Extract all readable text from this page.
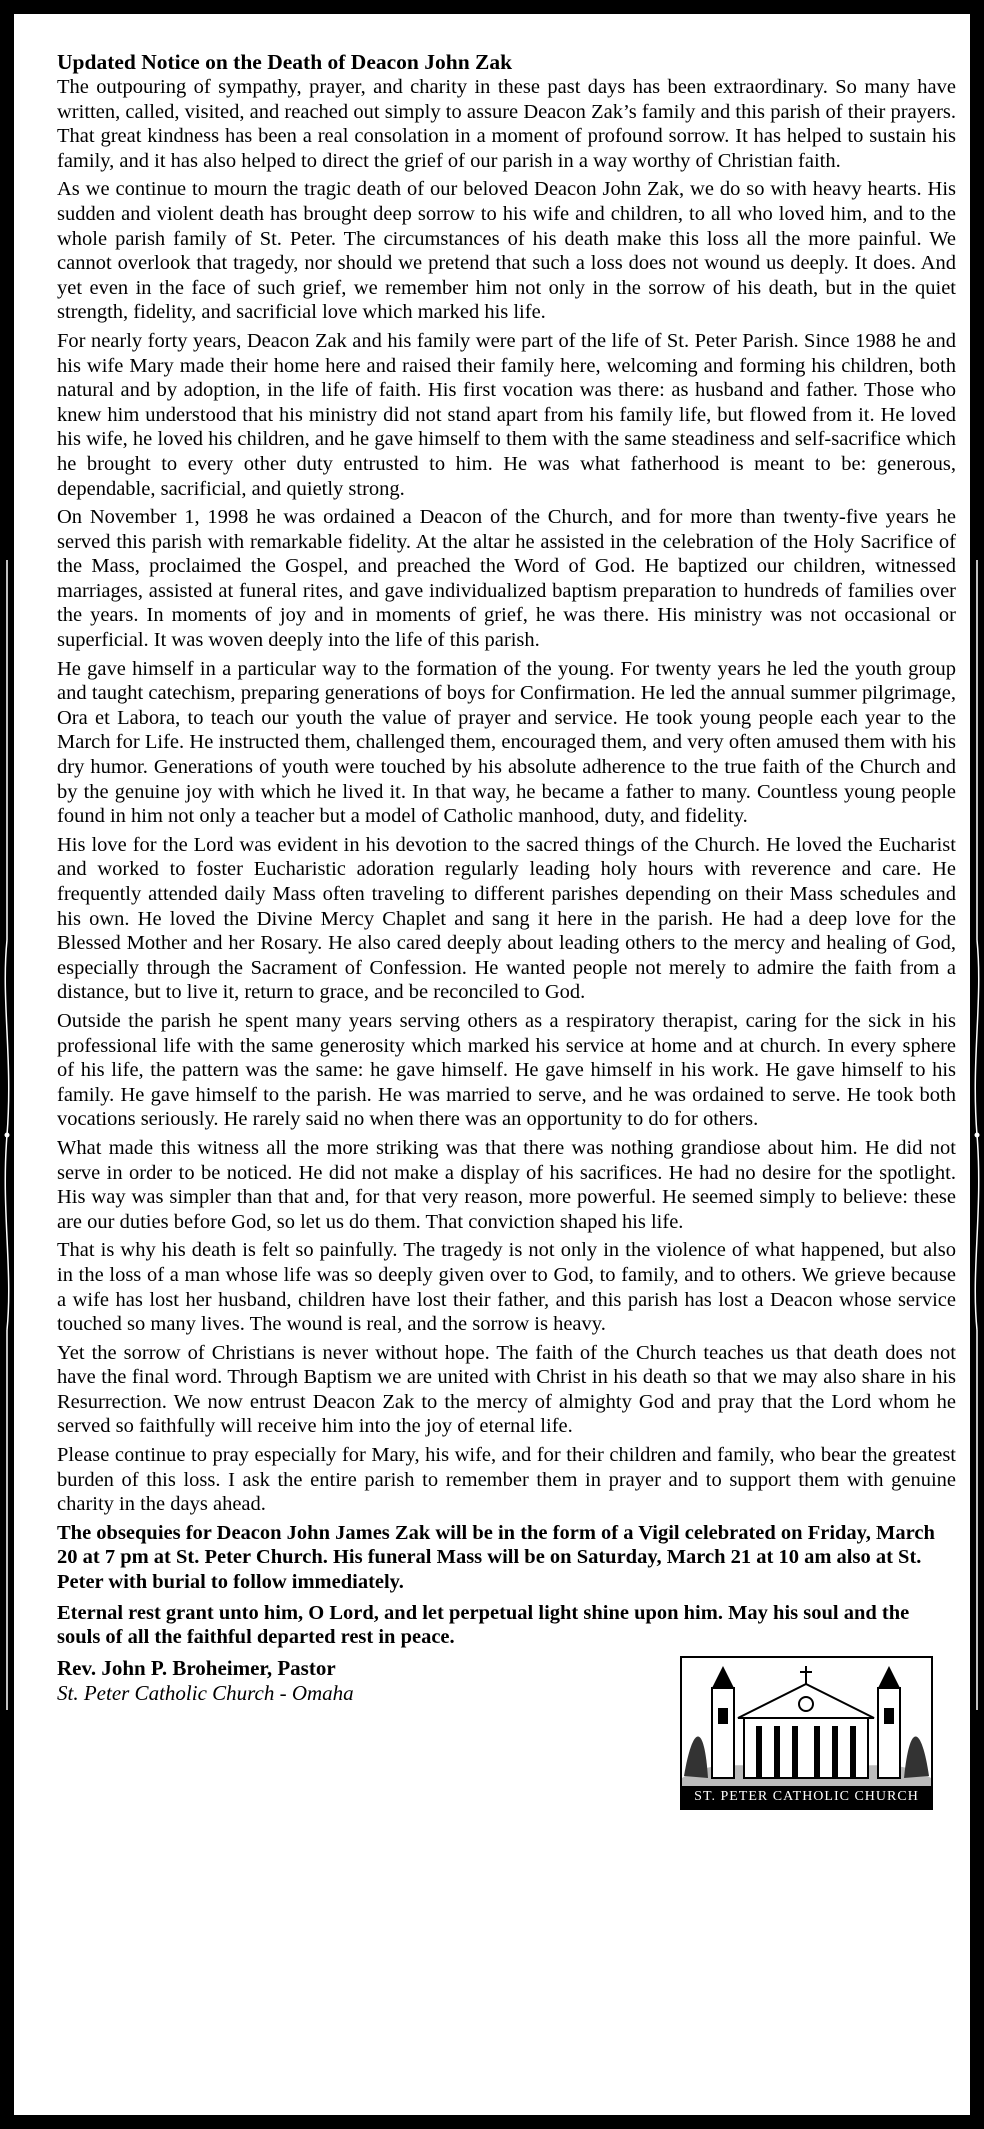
Updated Notice on the Death of Deacon John Zak

The outpouring of sympathy, prayer, and charity in these past days has been extraordinary. So many have written, called, visited, and reached out simply to assure Deacon Zak’s family and this parish of their prayers. That great kindness has been a real consolation in a moment of profound sorrow. It has helped to sustain his family, and it has also helped to direct the grief of our parish in a way worthy of Christian faith.

As we continue to mourn the tragic death of our beloved Deacon John Zak, we do so with heavy hearts. His sudden and violent death has brought deep sorrow to his wife and children, to all who loved him, and to the whole parish family of St. Peter. The circumstances of his death make this loss all the more painful. We cannot overlook that tragedy, nor should we pretend that such a loss does not wound us deeply. It does. And yet even in the face of such grief, we remember him not only in the sorrow of his death, but in the quiet strength, fidelity, and sacrificial love which marked his life.

For nearly forty years, Deacon Zak and his family were part of the life of St. Peter Parish. Since 1988 he and his wife Mary made their home here and raised their family here, welcoming and forming his children, both natural and by adoption, in the life of faith. His first vocation was there: as husband and father. Those who knew him understood that his ministry did not stand apart from his family life, but flowed from it. He loved his wife, he loved his children, and he gave himself to them with the same steadiness and self-sacrifice which he brought to every other duty entrusted to him. He was what fatherhood is meant to be: generous, dependable, sacrificial, and quietly strong.

On November 1, 1998 he was ordained a Deacon of the Church, and for more than twenty-five years he served this parish with remarkable fidelity. At the altar he assisted in the celebration of the Holy Sacrifice of the Mass, proclaimed the Gospel, and preached the Word of God. He baptized our children, witnessed marriages, assisted at funeral rites, and gave individualized baptism preparation to hundreds of families over the years. In moments of joy and in moments of grief, he was there. His ministry was not occasional or superficial. It was woven deeply into the life of this parish.

He gave himself in a particular way to the formation of the young. For twenty years he led the youth group and taught catechism, preparing generations of boys for Confirmation. He led the annual summer pilgrimage, Ora et Labora, to teach our youth the value of prayer and service. He took young people each year to the March for Life. He instructed them, challenged them, encouraged them, and very often amused them with his dry humor. Generations of youth were touched by his absolute adherence to the true faith of the Church and by the genuine joy with which he lived it. In that way, he became a father to many. Countless young people found in him not only a teacher but a model of Catholic manhood, duty, and fidelity.

His love for the Lord was evident in his devotion to the sacred things of the Church. He loved the Eucharist and worked to foster Eucharistic adoration regularly leading holy hours with reverence and care. He frequently attended daily Mass often traveling to different parishes depending on their Mass schedules and his own. He loved the Divine Mercy Chaplet and sang it here in the parish. He had a deep love for the Blessed Mother and her Rosary. He also cared deeply about leading others to the mercy and healing of God, especially through the Sacrament of Confession. He wanted people not merely to admire the faith from a distance, but to live it, return to grace, and be reconciled to God.

Outside the parish he spent many years serving others as a respiratory therapist, caring for the sick in his professional life with the same generosity which marked his service at home and at church. In every sphere of his life, the pattern was the same: he gave himself. He gave himself in his work. He gave himself to his family. He gave himself to the parish. He was married to serve, and he was ordained to serve. He took both vocations seriously. He rarely said no when there was an opportunity to do for others.

What made this witness all the more striking was that there was nothing grandiose about him. He did not serve in order to be noticed. He did not make a display of his sacrifices. He had no desire for the spotlight. His way was simpler than that and, for that very reason, more powerful. He seemed simply to believe: these are our duties before God, so let us do them. That conviction shaped his life.

That is why his death is felt so painfully. The tragedy is not only in the violence of what happened, but also in the loss of a man whose life was so deeply given over to God, to family, and to others. We grieve because a wife has lost her husband, children have lost their father, and this parish has lost a Deacon whose service touched so many lives. The wound is real, and the sorrow is heavy.

Yet the sorrow of Christians is never without hope. The faith of the Church teaches us that death does not have the final word. Through Baptism we are united with Christ in his death so that we may also share in his Resurrection. We now entrust Deacon Zak to the mercy of almighty God and pray that the Lord whom he served so faithfully will receive him into the joy of eternal life.

Please continue to pray especially for Mary, his wife, and for their children and family, who bear the greatest burden of this loss. I ask the entire parish to remember them in prayer and to support them with genuine charity in the days ahead.

The obsequies for Deacon John James Zak will be in the form of a Vigil celebrated on Friday, March 20 at 7 pm at St. Peter Church. His funeral Mass will be on Saturday, March 21 at 10 am also at St. Peter with burial to follow immediately.
Eternal rest grant unto him, O Lord, and let perpetual light shine upon him. May his soul and the souls of all the faithful departed rest in peace.
Rev. John P. Broheimer, Pastor
St. Peter Catholic Church - Omaha
ST. PETER CATHOLIC CHURCH
